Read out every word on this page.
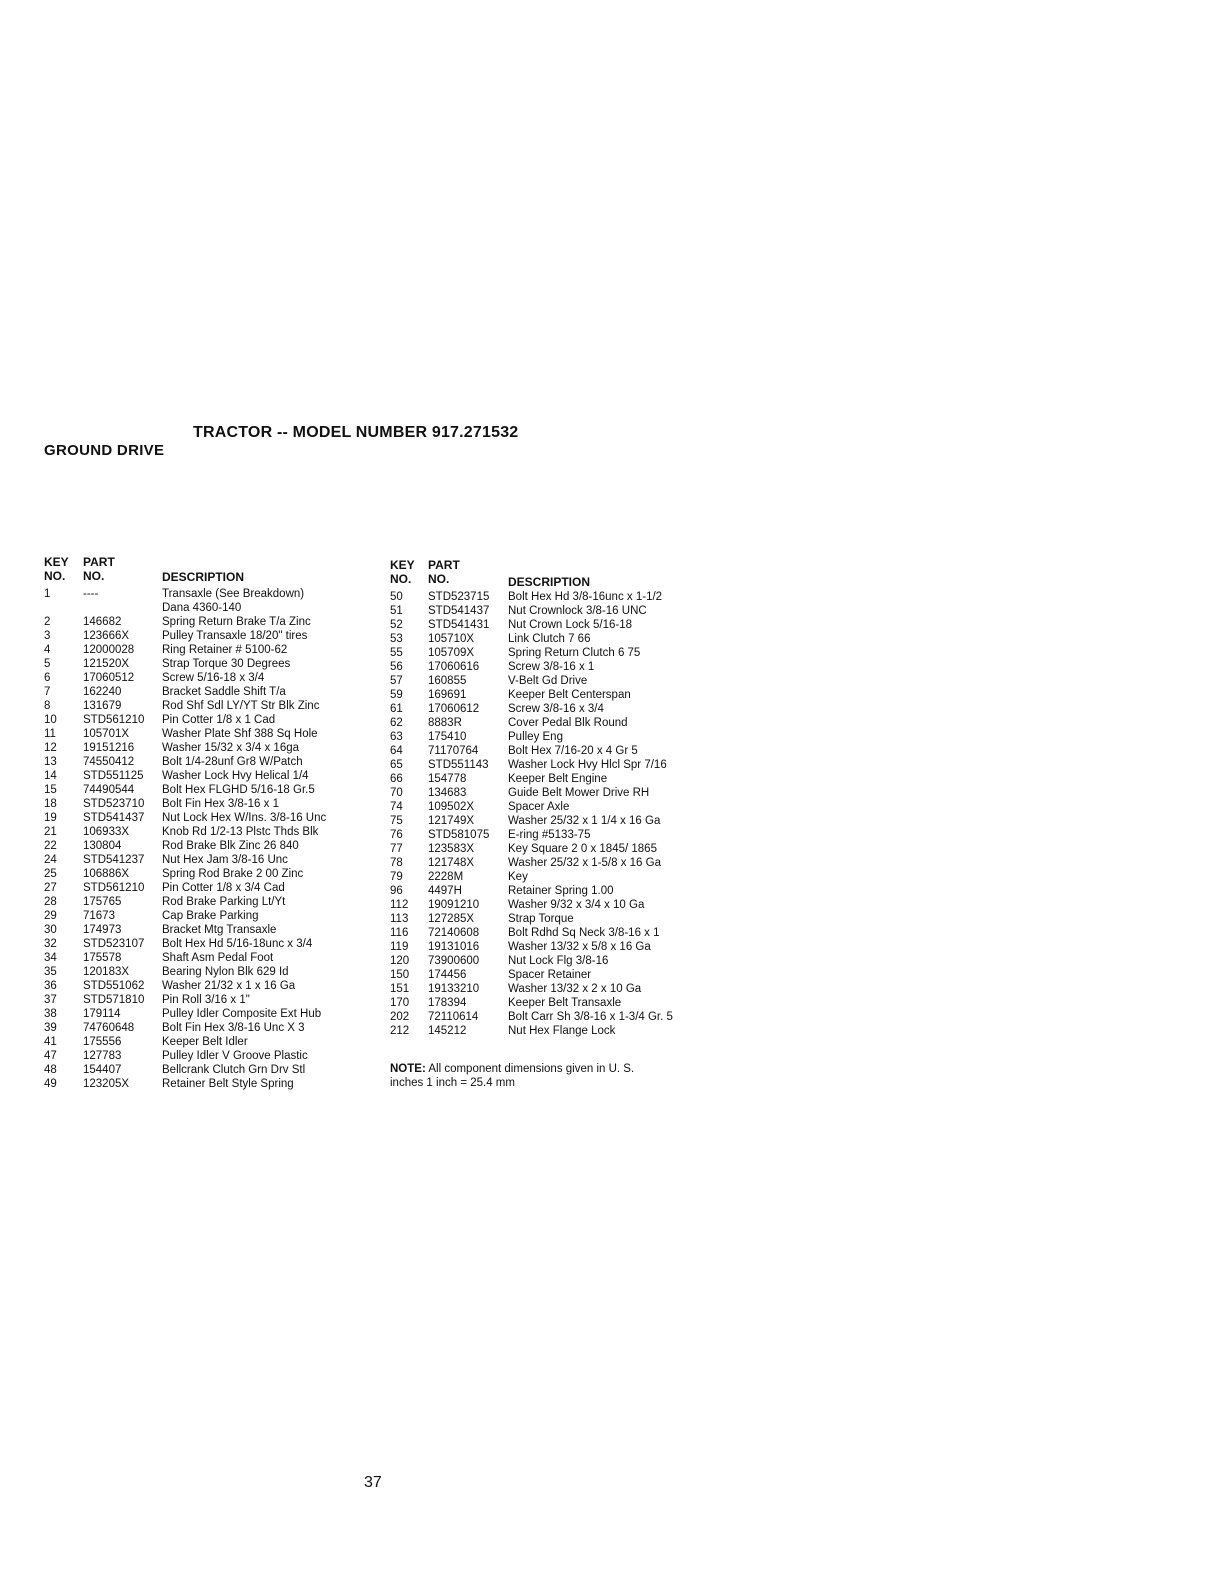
TRACTOR -- MODEL NUMBER 917.271532
GROUND DRIVE
KEY
NO.
PART
NO.	DESCRIPTION
1	----	Transaxle (See Breakdown)
Dana 4360-140
2	146682	Spring Return Brake T/a Zinc
3	123666X	Pulley Transaxle 18/20" tires
4	12000028 Ring Retainer # 5100-62
5	121520X	Strap Torque 30 Degrees
6	17060512 Screw 5/16-18 x 3/4
7	162240	Bracket Saddle Shift T/a
8	131679	Rod Shf Sdl LY/YT Str Blk Zinc
10 STD561210 Pin Cotter 1/8 x 1 Cad
11 105701X	Washer Plate Shf 388 Sq Hole
12 19151216 Washer 15/32 x 3/4 x 16ga
13 74550412 Bolt 1/4-28unf Gr8 W/Patch
14 STD551125 Washer Lock Hvy Helical 1/4
15 74490544 Bolt Hex FLGHD 5/16-18 Gr.5
18 STD523710 Bolt Fin Hex 3/8-16 x 1
19 STD541437 Nut Lock Hex W/Ins. 3/8-16 Unc
21 106933X	Knob Rd 1/2-13 Plstc Thds Blk
22 130804	Rod Brake Blk Zinc 26 840
24 STD541237 Nut Hex Jam 3/8-16 Unc
25 106886X	Spring Rod Brake 2 00 Zinc
27 STD561210 Pin Cotter 1/8 x 3/4 Cad
28 175765	Rod Brake Parking Lt/Yt
29 71673	Cap Brake Parking
30 174973	Bracket Mtg Transaxle
32 STD523107 Bolt Hex Hd 5/16-18unc x 3/4
34 175578	Shaft Asm Pedal Foot
35 120183X	Bearing Nylon Blk 629 Id
36 STD551062 Washer 21/32 x 1 x 16 Ga
37 STD571810 Pin Roll 3/16 x 1"
38 179114	Pulley Idler Composite Ext Hub
39 74760648 Bolt Fin Hex 3/8-16 Unc X 3
41 175556	Keeper Belt Idler
47 127783	Pulley Idler V Groove Plastic
48 154407	Bellcrank Clutch Grn Drv Stl
49 123205X	Retainer Belt Style Spring
KEY
NO.
PART
NO.	DESCRIPTION
50 STD523715 Bolt Hex Hd 3/8-16unc x 1-1/2
51 STD541437 Nut Crownlock 3/8-16 UNC
52 STD541431 Nut Crown Lock 5/16-18
53 105710X	Link Clutch 7 66
55 105709X	Spring Return Clutch 6 75
56 17060616	Screw 3/8-16 x 1
57 160855	V-Belt Gd Drive
59 169691	Keeper Belt Centerspan
61 17060612	Screw 3/8-16 x 3/4
62 8883R	Cover Pedal Blk Round
63 175410	Pulley Eng
64 71170764	Bolt Hex 7/16-20 x 4 Gr 5
65 STD551143 Washer Lock Hvy Hlcl Spr 7/16
66 154778	Keeper Belt Engine
70 134683	Guide Belt Mower Drive RH
74 109502X	Spacer Axle
75 121749X	Washer 25/32 x 1 1/4 x 16 Ga
76 STD581075 E-ring #5133-75
77 123583X	Key Square 2 0 x 1845/ 1865
78 121748X	Washer 25/32 x 1-5/8 x 16 Ga
79 2228M	Key
96 4497H	Retainer Spring 1.00
112 19091210	Washer 9/32 x 3/4 x 10 Ga
113 127285X	Strap Torque
116 72140608	Bolt Rdhd Sq Neck 3/8-16 x 1
119 19131016	Washer 13/32 x 5/8 x 16 Ga
120 73900600	Nut Lock Flg 3/8-16
150 174456	Spacer Retainer
151 19133210	Washer 13/32 x 2 x 10 Ga
170 178394	Keeper Belt Transaxle
202 72110614	Bolt Carr Sh 3/8-16 x 1-3/4 Gr. 5
212 145212	Nut Hex Flange Lock
NOTE: All component dimensions given in U. S.
inches 1 inch = 25.4 mm
37
